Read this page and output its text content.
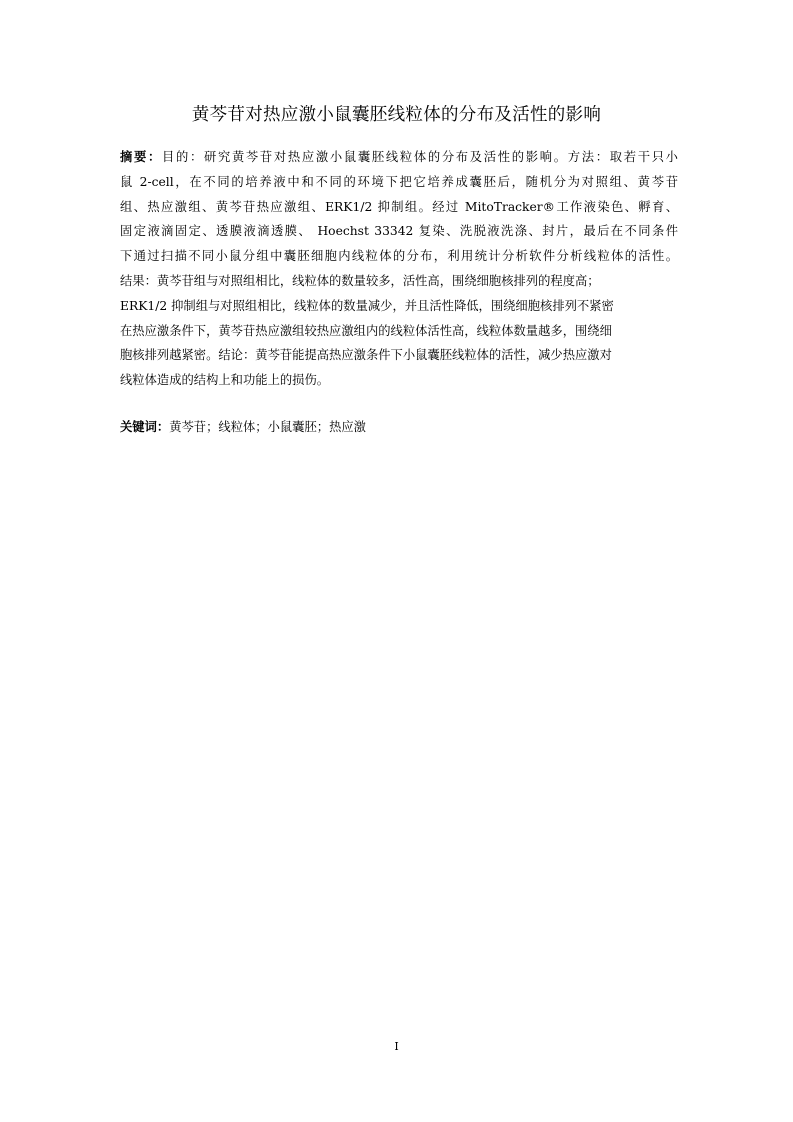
黄芩苷对热应激小鼠囊胚线粒体的分布及活性的影响
摘要：目的：研究黄芩苷对热应激小鼠囊胚线粒体的分布及活性的影响。方法：取若干只小
鼠 2-cell，在不同的培养液中和不同的环境下把它培养成囊胚后，随机分为对照组、黄芩苷
组、热应激组、黄芩苷热应激组、ERK1/2 抑制组。经过 MitoTracker®工作液染色、孵育、
固定液滴固定、透膜液滴透膜、 Hoechst 33342 复染、洗脱液洗涤、封片，最后在不同条件
下通过扫描不同小鼠分组中囊胚细胞内线粒体的分布，利用统计分析软件分析线粒体的活性。
结果：黄芩苷组与对照组相比，线粒体的数量较多，活性高，围绕细胞核排列的程度高；
ERK1/2 抑制组与对照组相比，线粒体的数量减少，并且活性降低，围绕细胞核排列不紧密
在热应激条件下，黄芩苷热应激组较热应激组内的线粒体活性高，线粒体数量越多，围绕细
胞核排列越紧密。结论：黄芩苷能提高热应激条件下小鼠囊胚线粒体的活性，减少热应激对
线粒体造成的结构上和功能上的损伤。
关键词：黄芩苷；线粒体；小鼠囊胚；热应激
I
